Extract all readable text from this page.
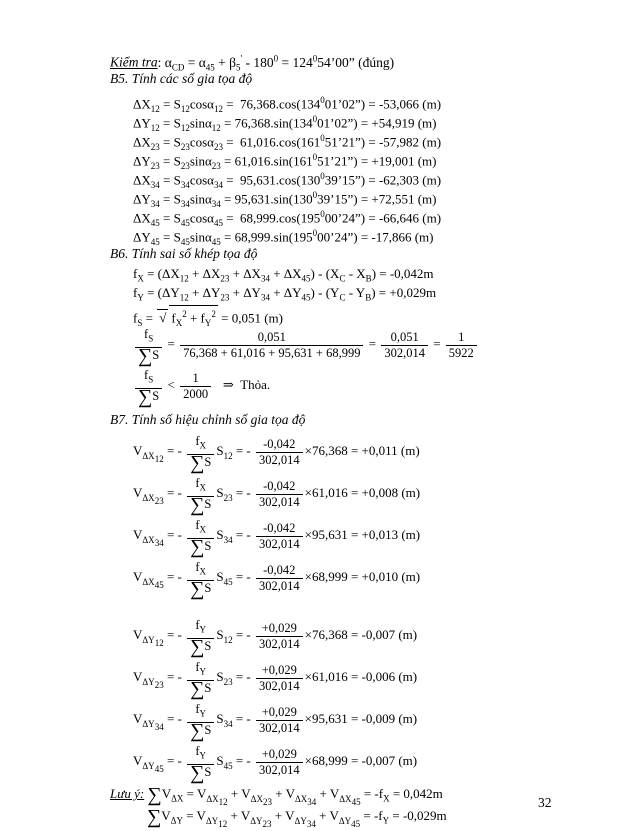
Kiểm tra: $\alpha_{CD} = \alpha_{45} + \beta_5' - 180^0$ = $124^054’00$” (đúng)
B5. Tính các số gia tọa độ
$\Delta X_{12} = S_{12}\cos\alpha_{12}$ =  $76,368.\cos(134^001’02”) = -53,066$ (m)
$\Delta Y_{12} = S_{12}\sin\alpha_{12}$ = $76,368.\sin(134^001’02”) = +54,919$ (m)
$\Delta X_{23} = S_{23}\cos\alpha_{23}$ =  $61,016.\cos(161^051’21”) = -57,982$ (m)
$\Delta Y_{23} = S_{23}\sin\alpha_{23}$ = $61,016.\sin(161^051’21”) = +19,001$ (m)
$\Delta X_{34} = S_{34}\cos\alpha_{34}$ =  $95,631.\cos(130^039’15”) = -62,303$ (m)
$\Delta Y_{34} = S_{34}\sin\alpha_{34}$ = $95,631.\sin(130^039’15”) = +72,551$ (m)
$\Delta X_{45} = S_{45}\cos\alpha_{45}$ =  $68,999.\cos(195^000’24”) = -66,646$ (m)
$\Delta Y_{45} = S_{45}\sin\alpha_{45}$ = $68,999.\sin(195^000’24”) = -17,866$ (m)
B6. Tính sai số khép tọa độ
$f_X = (\Delta X_{12} + \Delta X_{23} + \Delta X_{34} + \Delta X_{45}) - (X_C - X_B) = -0,042m$
$f_Y = (\Delta Y_{12} + \Delta Y_{23} + \Delta Y_{34} + \Delta Y_{45}) - (Y_C - Y_B) = +0,029m$
$f_S$ = √ $f_X^2 + f_Y^2 = 0,051$ (m)
$\frac{f_S}{\sum S} = \frac{0,051}{76,368 + 61,016 + 95,631 + 68,999} = \frac{0,051}{302,014} = \frac{1}{5922}$
$\frac{f_S}{\sum S} < \frac{1}{2000}$ ⇒  Thỏa.
B7. Tính số hiệu chỉnh số gia tọa độ
$V_{\Delta X_{12}}$ = - $\frac{f_X}{\sum S} S_{12}$ = - $\frac{-0,042}{302,014} \times 76,368 = +0,011$ (m)
$V_{\Delta X_{23}}$ = - $\frac{f_X}{\sum S} S_{23}$ = - $\frac{-0,042}{302,014} \times 61,016 = +0,008$ (m)
$V_{\Delta X_{34}}$ = - $\frac{f_X}{\sum S} S_{34}$ = - $\frac{-0,042}{302,014} \times 95,631 = +0,013$ (m)
$V_{\Delta X_{45}}$ = - $\frac{f_X}{\sum S} S_{45}$ = - $\frac{-0,042}{302,014} \times 68,999 = +0,010$ (m)
$V_{\Delta Y_{12}}$ = - $\frac{f_Y}{\sum S} S_{12}$ = - $\frac{+0,029}{302,014} \times 76,368 = -0,007$ (m)
$V_{\Delta Y_{23}}$ = - $\frac{f_Y}{\sum S} S_{23}$ = - $\frac{+0,029}{302,014} \times 61,016 = -0,006$ (m)
$V_{\Delta Y_{34}}$ = - $\frac{f_Y}{\sum S} S_{34}$ = - $\frac{+0,029}{302,014} \times 95,631 = -0,009$ (m)
$V_{\Delta Y_{45}}$ = - $\frac{f_Y}{\sum S} S_{45}$ = - $\frac{+0,029}{302,014} \times 68,999 = -0,007$ (m)
Lưu ý: $\sum V_{\Delta X} = V_{\Delta X_{12}} + V_{\Delta X_{23}} + V_{\Delta X_{34}} + V_{\Delta X_{45}} = -f_X = 0,042m$
$\sum V_{\Delta Y} = V_{\Delta Y_{12}} + V_{\Delta Y_{23}} + V_{\Delta Y_{34}} + V_{\Delta Y_{45}} = -f_Y = -0,029m$
32
